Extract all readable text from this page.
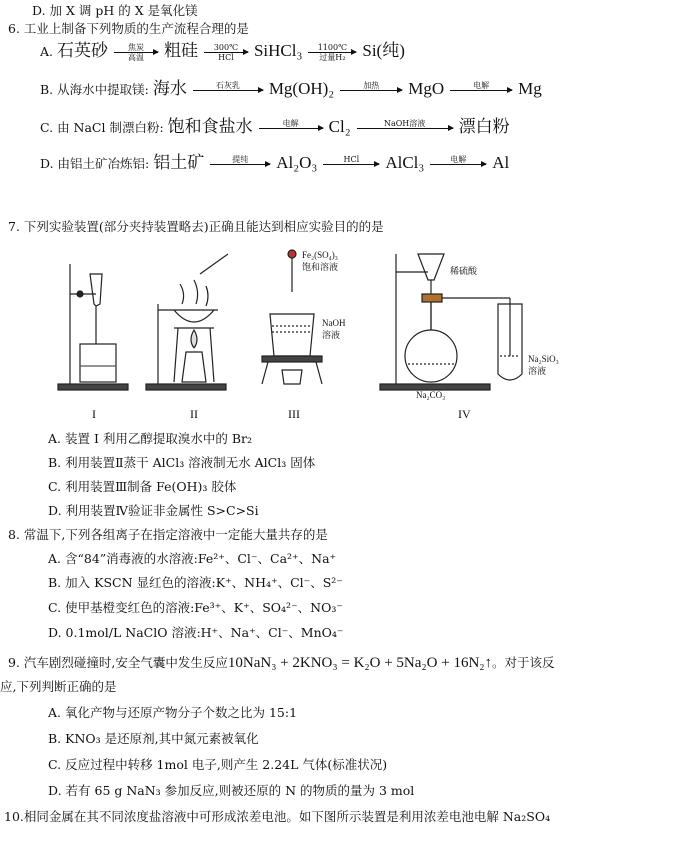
D. 加 X 调 pH 的 X 是氧化镁
6. 工业上制备下列物质的生产流程合理的是
A. 石英砂	焦炭
高温	粗硅	300℃
HCl	SiHCl₃	1100℃
过量H₂ Si(纯)
B. 从海水中提取镁: 海水	石灰乳	Mg(OH)₂	加热	MgO	电解	Mg
C. 由 NaCl 制漂白粉: 饱和食盐水	电解	Cl₂	NaOH溶液	漂白粉
D. 由铝土矿冶炼铝: 铝土矿	提纯	Al₂O₃	HCl	AlCl₃	电解	Al
7. 下列实验装置(部分夹持装置略去)正确且能达到相应实验目的的是
Fe₂(SO₄)₃
饱和溶液
NaOH
溶液
稀硫酸
Na₂CO₃
Na₂SiO₃
溶液
I	II	III	IV
A. 装置 I 利用乙醇提取溴水中的 Br₂
B. 利用装置Ⅱ蒸干 AlCl₃ 溶液制无水 AlCl₃ 固体
C. 利用装置Ⅲ制备 Fe(OH)₃ 胶体
D. 利用装置Ⅳ验证非金属性 S>C>Si
8. 常温下,下列各组离子在指定溶液中一定能大量共存的是
A. 含“84”消毒液的水溶液:Fe²⁺、Cl⁻、Ca²⁺、Na⁺
B. 加入 KSCN 显红色的溶液:K⁺、NH₄⁺、Cl⁻、S²⁻
C. 使甲基橙变红色的溶液:Fe³⁺、K⁺、SO₄²⁻、NO₃⁻
D. 0.1mol/L NaClO 溶液:H⁺、Na⁺、Cl⁻、MnO₄⁻
9. 汽车剧烈碰撞时,安全气囊中发生反应10NaN₃ + 2KNO₃ = K₂O + 5Na₂O + 16N₂↑。对于该反
应,下列判断正确的是
A. 氧化产物与还原产物分子个数之比为 15:1
B. KNO₃ 是还原剂,其中氮元素被氧化
C. 反应过程中转移 1mol 电子,则产生 2.24L 气体(标准状况)
D. 若有 65 g NaN₃ 参加反应,则被还原的 N 的物质的量为 3 mol
10.相同金属在其不同浓度盐溶液中可形成浓差电池。如下图所示装置是利用浓差电池电解 Na₂SO₄
